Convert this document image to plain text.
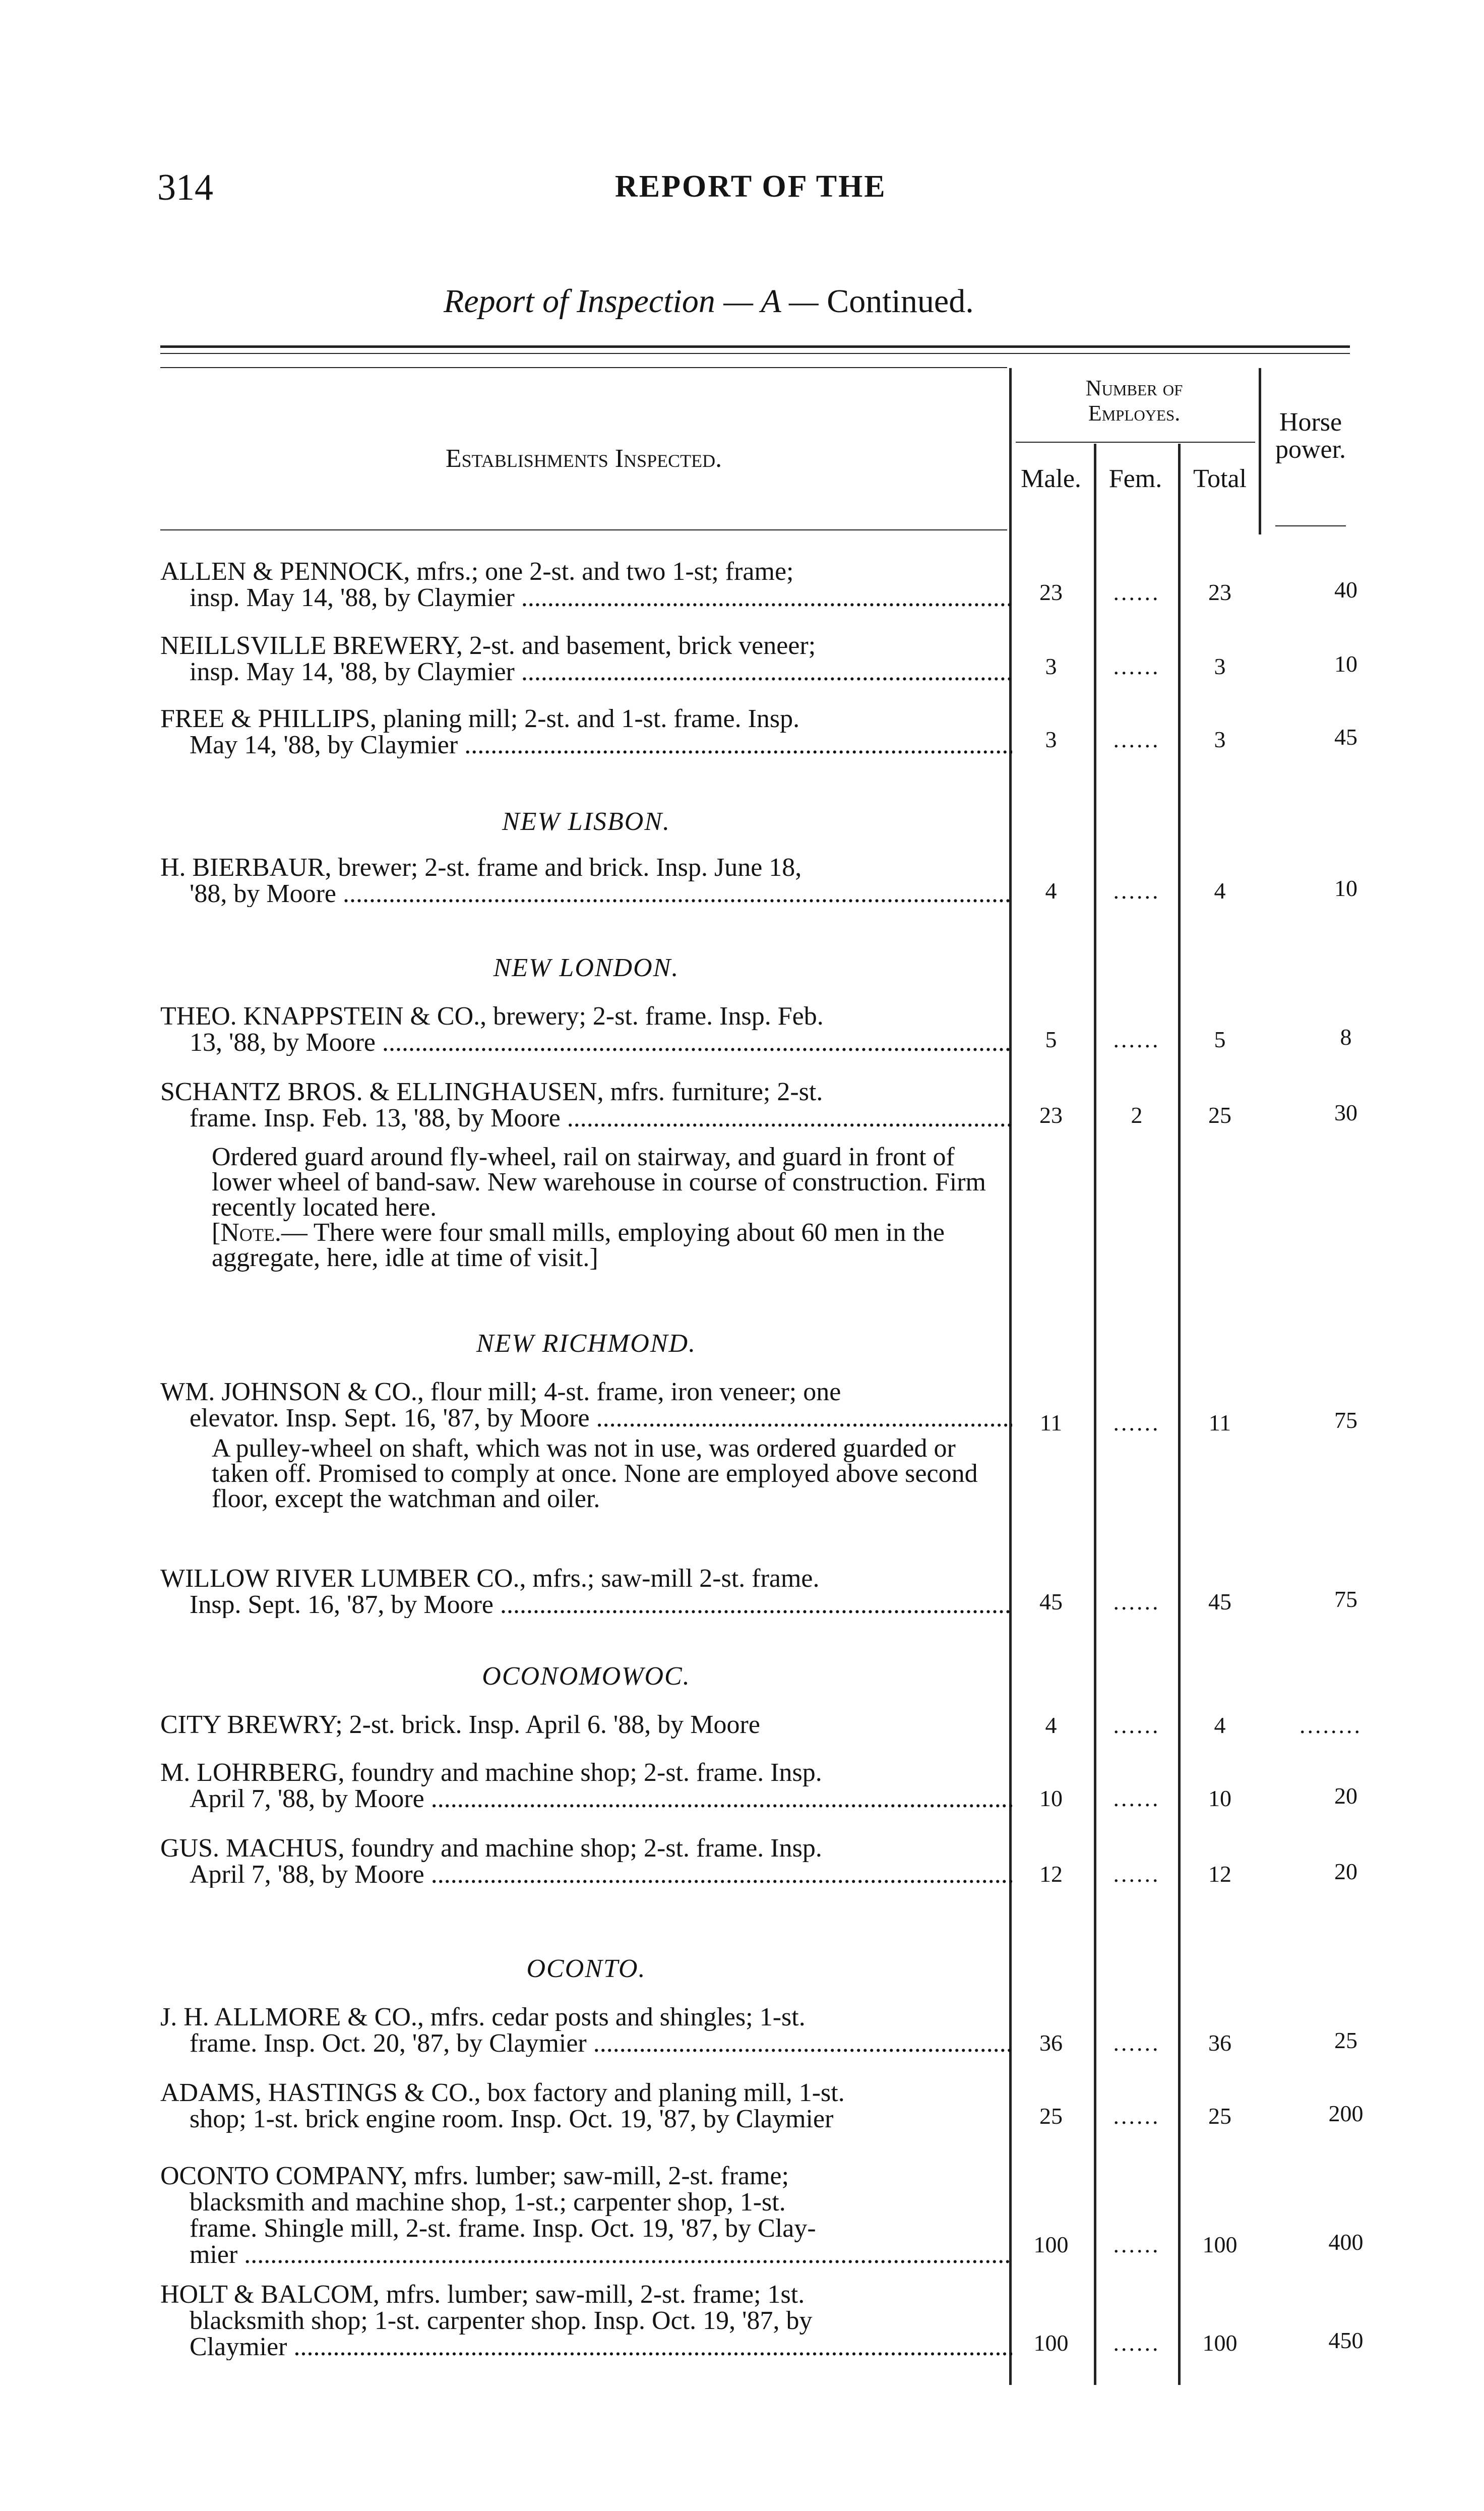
314	REPORT OF THE
Report of Inspection — A — Continued.
Establishments Inspected.
Number of
Employes.
Male.	Fem.	Total
Horse
power.
ALLEN & PENNOCK, mfrs.; one 2-st. and two 1-st; frame;
insp. May 14, '88, by Claymier .....	23	......	23	40
NEILLSVILLE BREWERY, 2-st. and basement, brick veneer;
insp. May 14, '88, by Claymier .....	3	......	3	10
FREE & PHILLIPS, planing mill; 2-st. and 1-st. frame. Insp.
May 14, '88, by Claymier .....	3	......	3	45
NEW LISBON.
H. BIERBAUR, brewer; 2-st. frame and brick. Insp. June 18,
'88, by Moore .....	4	......	4	10
NEW LONDON.
THEO. KNAPPSTEIN & CO., brewery; 2-st. frame. Insp. Feb.
13, '88, by Moore .....	5	......	5	8
SCHANTZ BROS. & ELLINGHAUSEN, mfrs. furniture; 2-st.
frame. Insp. Feb. 13, '88, by Moore .....	23	2	25	30
Ordered guard around fly-wheel, rail on stairway, and guard in front of lower wheel of band-saw. New warehouse in course of construction. Firm recently located here.
[Note.— There were four small mills, employing about 60 men in the aggregate, here, idle at time of visit.]
NEW RICHMOND.
WM. JOHNSON & CO., flour mill; 4-st. frame, iron veneer; one
elevator. Insp. Sept. 16, '87, by Moore .....	11	......	11	75
A pulley-wheel on shaft, which was not in use, was ordered guarded or taken off. Promised to comply at once. None are employed above second floor, except the watchman and oiler.
WILLOW RIVER LUMBER CO., mfrs.; saw-mill 2-st. frame.
Insp. Sept. 16, '87, by Moore .....	45	......	45	75
OCONOMOWOC.
CITY BREWRY; 2-st. brick. Insp. April 6. '88, by Moore	4	......	4	........
M. LOHRBERG, foundry and machine shop; 2-st. frame. Insp.
April 7, '88, by Moore .....	10	......	10	20
GUS. MACHUS, foundry and machine shop; 2-st. frame. Insp.
April 7, '88, by Moore .....	12	......	12	20
OCONTO.
J. H. ALLMORE & CO., mfrs. cedar posts and shingles; 1-st.
frame. Insp. Oct. 20, '87, by Claymier .....	36	......	36	25
ADAMS, HASTINGS & CO., box factory and planing mill, 1-st.
shop; 1-st. brick engine room. Insp. Oct. 19, '87, by Claymier	25	......	25	200
OCONTO COMPANY, mfrs. lumber; saw-mill, 2-st. frame;
blacksmith and machine shop, 1-st.; carpenter shop, 1-st.
frame. Shingle mill, 2-st. frame. Insp. Oct. 19, '87, by Clay-
mier .....	100	......	100	400
HOLT & BALCOM, mfrs. lumber; saw-mill, 2-st. frame; 1st.
blacksmith shop; 1-st. carpenter shop. Insp. Oct. 19, '87, by
Claymier .....	100	......	100	450
